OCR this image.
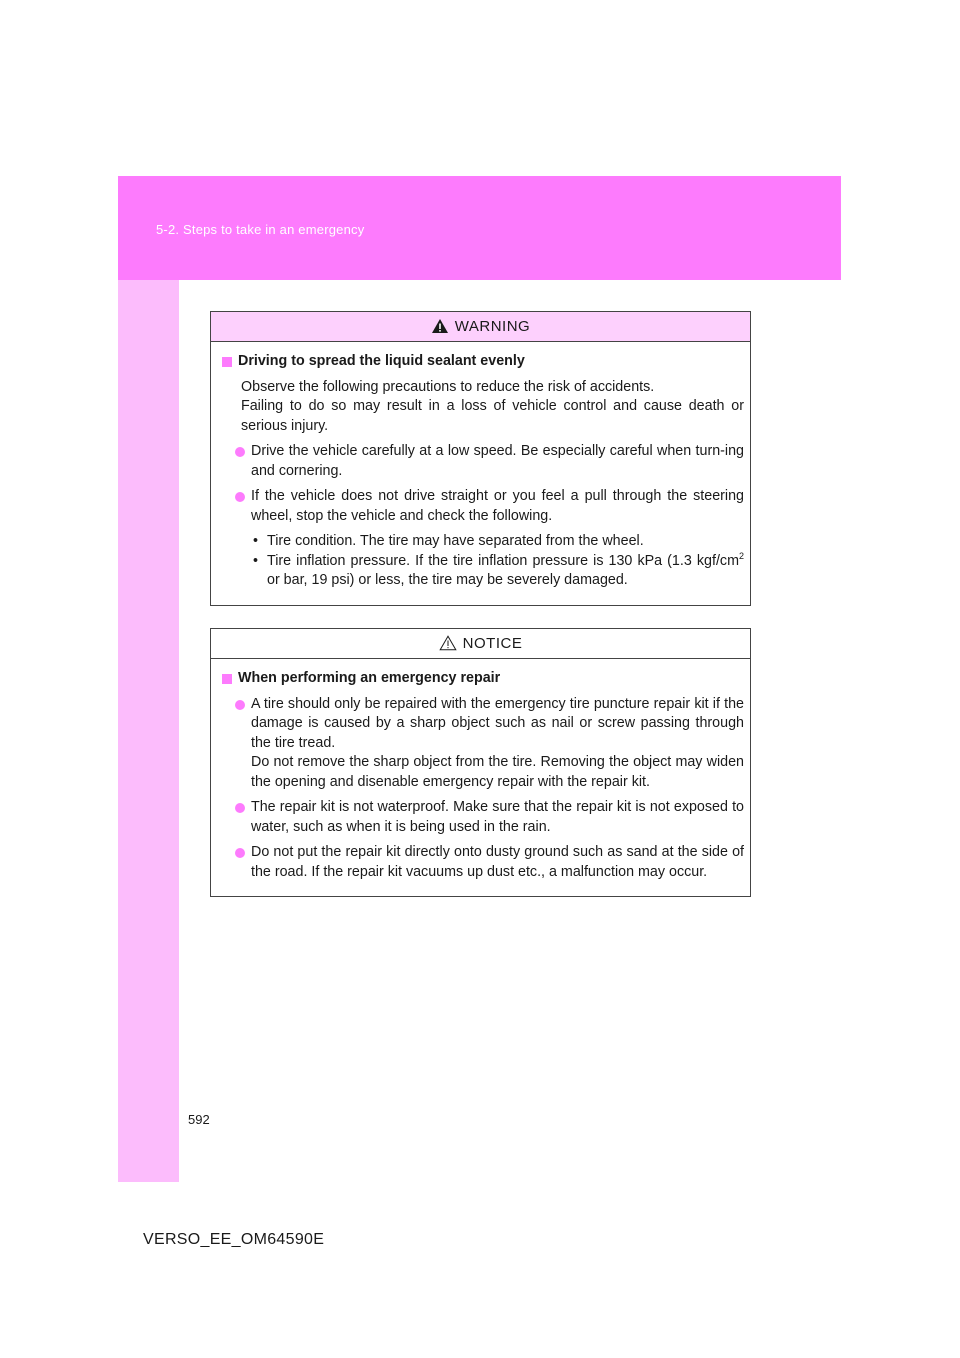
5-2. Steps to take in an emergency
WARNING
Driving to spread the liquid sealant evenly
Observe the following precautions to reduce the risk of accidents.
Failing to do so may result in a loss of vehicle control and cause death or serious injury.
Drive the vehicle carefully at a low speed. Be especially careful when turn-ing and cornering.
If the vehicle does not drive straight or you feel a pull through the steering wheel, stop the vehicle and check the following.
• Tire condition. The tire may have separated from the wheel.
• Tire inflation pressure. If the tire inflation pressure is 130 kPa (1.3 kgf/$cm^2$ or bar, 19 psi) or less, the tire may be severely damaged.
NOTICE
When performing an emergency repair
A tire should only be repaired with the emergency tire puncture repair kit if the damage is caused by a sharp object such as nail or screw passing through the tire tread.
Do not remove the sharp object from the tire. Removing the object may widen the opening and disenable emergency repair with the repair kit.
The repair kit is not waterproof. Make sure that the repair kit is not exposed to water, such as when it is being used in the rain.
Do not put the repair kit directly onto dusty ground such as sand at the side of the road. If the repair kit vacuums up dust etc., a malfunction may occur.
592
VERSO_EE_OM64590E
